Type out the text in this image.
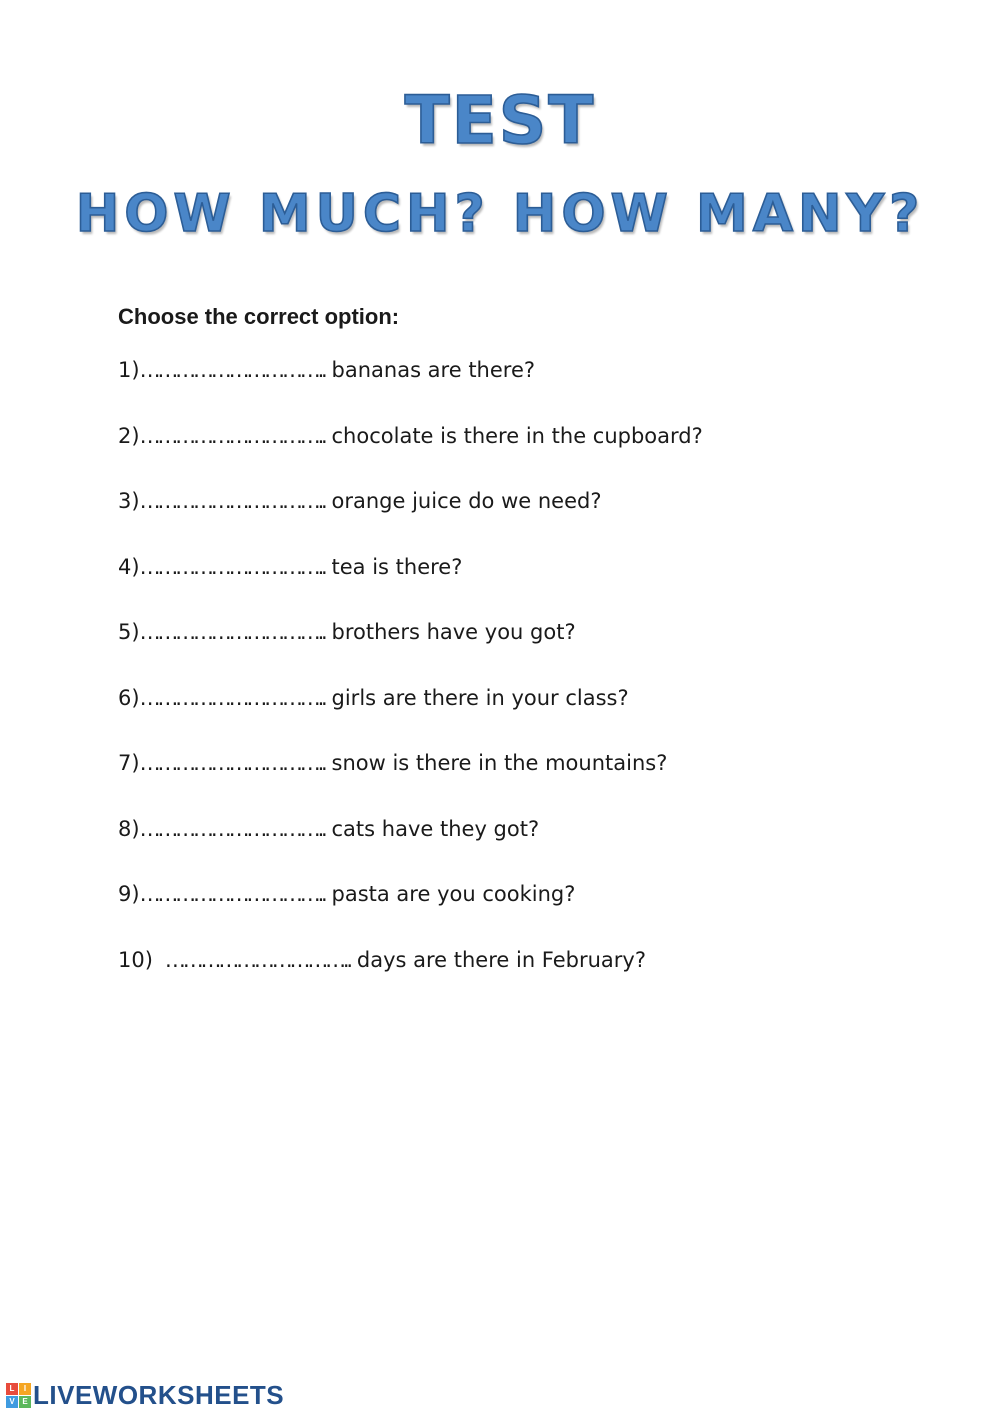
TEST
HOW MUCH? HOW MANY?

Choose the correct option:

1) ………………………….. bananas are there?
2) ………………………….. chocolate is there in the cupboard?
3) ………………………….. orange juice do we need?
4) ………………………….. tea is there?
5) ………………………….. brothers have you got?
6) ………………………….. girls are there in your class?
7) ………………………….. snow is there in the mountains?
8) ………………………….. cats have they got?
9) ………………………….. pasta are you cooking?
10) ………………………….. days are there in February?
L	I
V E LIVEWORKSHEETS
